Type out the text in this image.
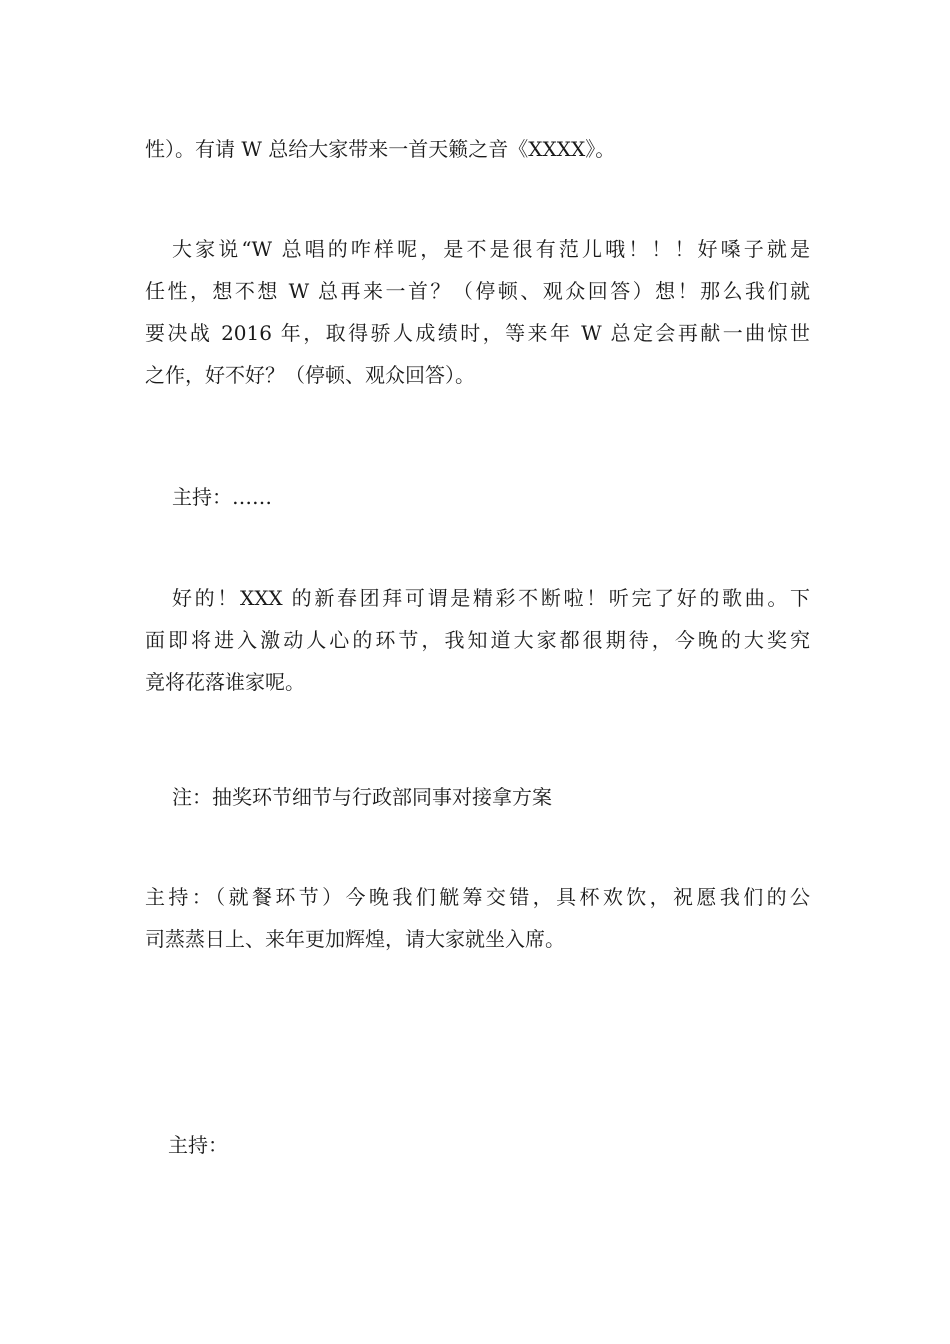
性）。有请 W 总给大家带来一首天籁之音《XXXX》。
大家说“W 总唱的咋样呢，是不是很有范儿哦！！！好嗓子就是
任性，想不想 W 总再来一首？（停顿、观众回答）想！那么我们就
要决战 2016 年，取得骄人成绩时，等来年 W 总定会再献一曲惊世
之作，好不好？（停顿、观众回答）。
主持：……
好的！XXX 的新春团拜可谓是精彩不断啦！听完了好的歌曲。下
面即将进入激动人心的环节，我知道大家都很期待，今晚的大奖究
竟将花落谁家呢。
注：抽奖环节细节与行政部同事对接拿方案
主持：（就餐环节）今晚我们觥筹交错，具杯欢饮，祝愿我们的公
司蒸蒸日上、来年更加辉煌，请大家就坐入席。
主持：
